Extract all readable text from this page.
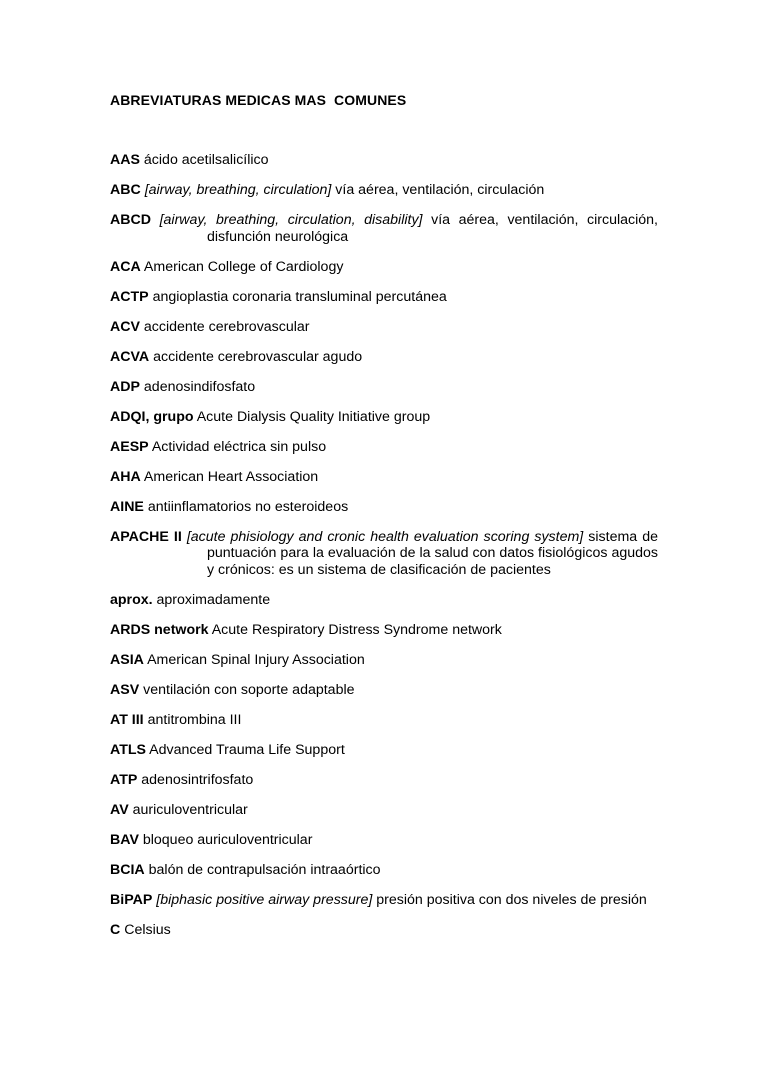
ABREVIATURAS MEDICAS MAS  COMUNES
AAS ácido acetilsalicílico
ABC [airway, breathing, circulation] vía aérea, ventilación, circulación
ABCD [airway, breathing, circulation, disability] vía aérea, ventilación, circulación, disfunción neurológica
ACA American College of Cardiology
ACTP angioplastia coronaria transluminal percutánea
ACV accidente cerebrovascular
ACVA accidente cerebrovascular agudo
ADP adenosindifosfato
ADQI, grupo Acute Dialysis Quality Initiative group
AESP Actividad eléctrica sin pulso
AHA American Heart Association
AINE antiinflamatorios no esteroideos
APACHE II [acute phisiology and cronic health evaluation scoring system] sistema de puntuación para la evaluación de la salud con datos fisiológicos agudos y crónicos: es un sistema de clasificación de pacientes
aprox. aproximadamente
ARDS network Acute Respiratory Distress Syndrome network
ASIA American Spinal Injury Association
ASV ventilación con soporte adaptable
AT III antitrombina III
ATLS Advanced Trauma Life Support
ATP adenosintrifosfato
AV auriculoventricular
BAV bloqueo auriculoventricular
BCIA balón de contrapulsación intraaórtico
BiPAP [biphasic positive airway pressure] presión positiva con dos niveles de presión
C Celsius
